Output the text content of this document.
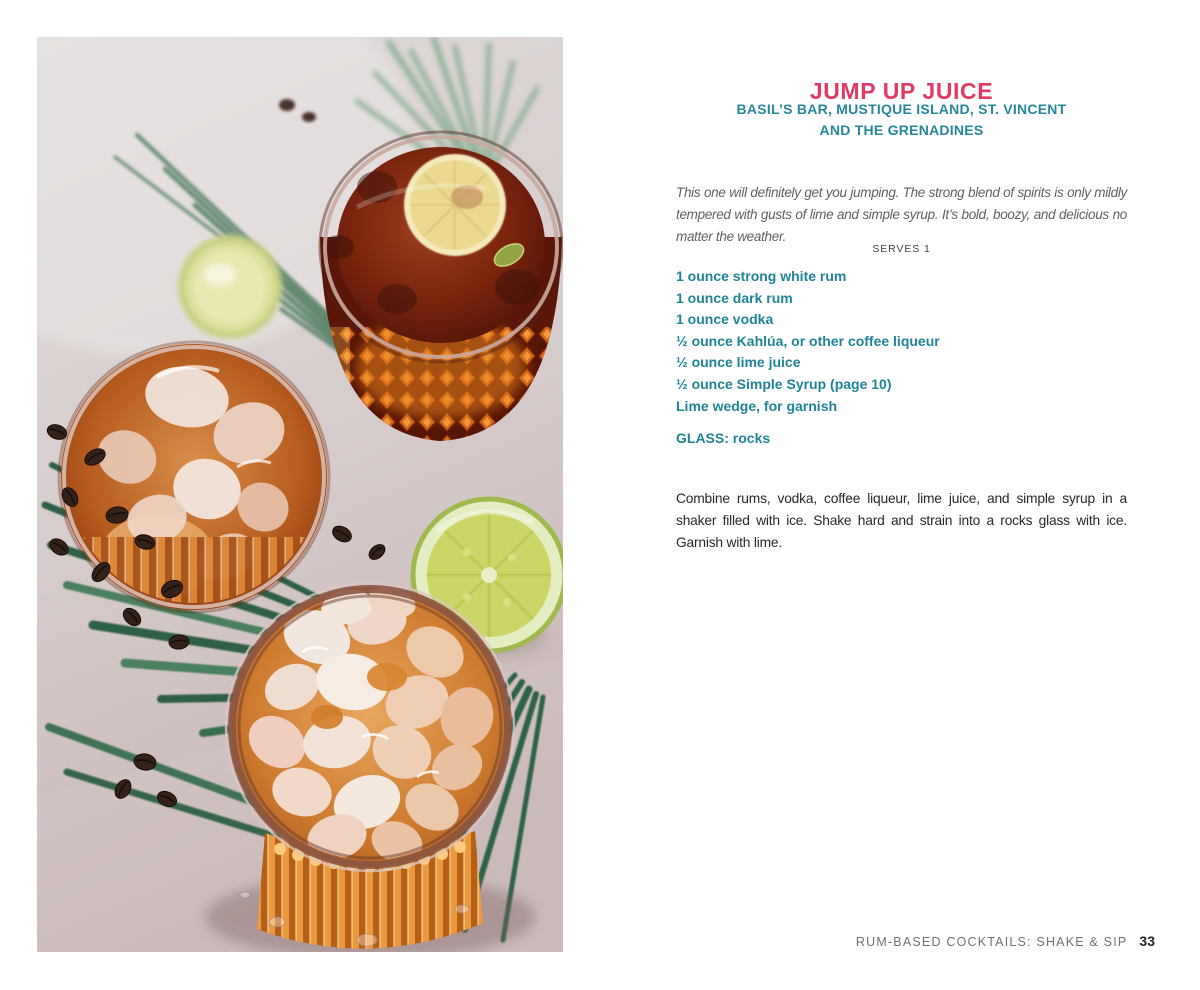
JUMP UP JUICE
BASIL’S BAR, MUSTIQUE ISLAND, ST. VINCENT
AND THE GRENADINES

This one will definitely get you jumping. The strong blend of spirits is only mildly tempered with gusts of lime and simple syrup. It’s bold, boozy, and delicious no matter the weather.

SERVES 1
1 ounce strong white rum
1 ounce dark rum
1 ounce vodka
½ ounce Kahlúa, or other coffee liqueur
½ ounce lime juice
½ ounce Simple Syrup (page 10)
Lime wedge, for garnish
GLASS: rocks

Combine rums, vodka, coffee liqueur, lime juice, and simple syrup in a shaker filled with ice. Shake hard and strain into a rocks glass with ice. Garnish with lime.

RUM-BASED COCKTAILS: SHAKE & SIP 33
